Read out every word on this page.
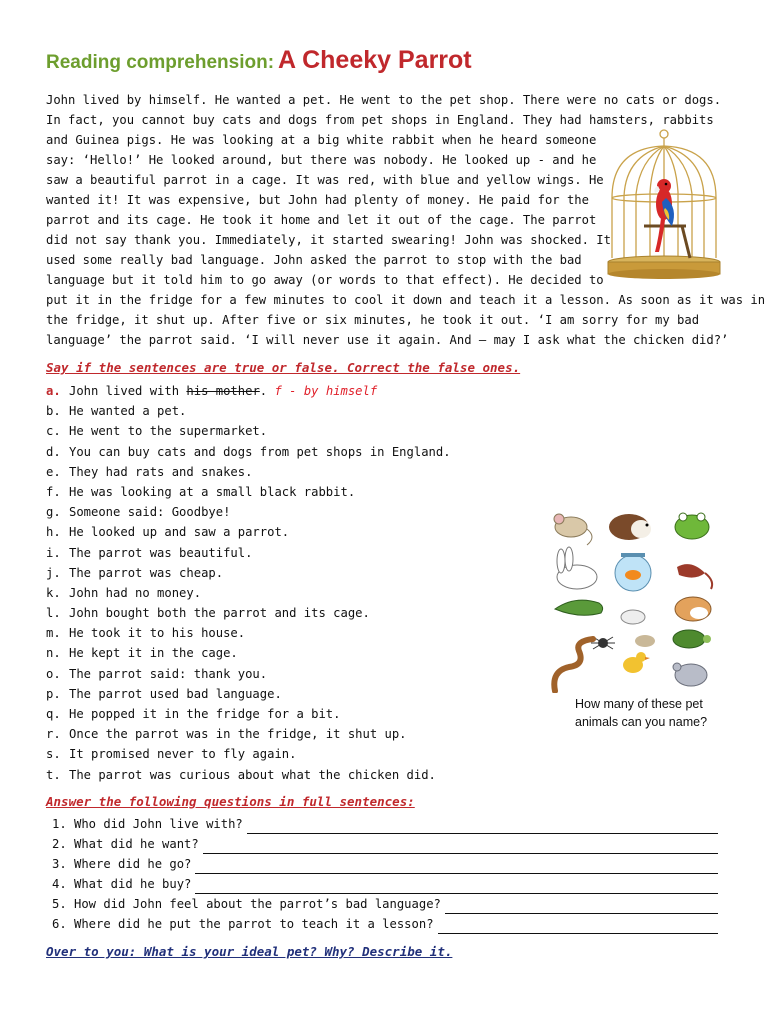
Reading comprehension: A Cheeky Parrot
John lived by himself. He wanted a pet. He went to the pet shop. There were no cats or dogs.
In fact, you cannot buy cats and dogs from pet shops in England. They had hamsters, rabbits
and Guinea pigs. He was looking at a big white rabbit when he heard someone
say: ‘Hello!’ He looked around, but there was nobody. He looked up - and he
saw a beautiful parrot in a cage. It was red, with blue and yellow wings. He
wanted it! It was expensive, but John had plenty of money. He paid for the
parrot and its cage. He took it home and let it out of the cage. The parrot
did not say thank you. Immediately, it started swearing! John was shocked. It
used some really bad language. John asked the parrot to stop with the bad
language but it told him to go away (or words to that effect). He decided to
put it in the fridge for a few minutes to cool it down and teach it a lesson. As soon as it was in
the fridge, it shut up. After five or six minutes, he took it out. ‘I am sorry for my bad
language’ the parrot said. ‘I will never use it again. And – may I ask what the chicken did?’
Say if the sentences are true or false. Correct the false ones.
a. John lived with his mother. f - by himself
b. He wanted a pet.
c. He went to the supermarket.
d. You can buy cats and dogs from pet shops in England.
e. They had rats and snakes.
f. He was looking at a small black rabbit.
g. Someone said: Goodbye!
h. He looked up and saw a parrot.
i. The parrot was beautiful.
j. The parrot was cheap.
k. John had no money.
l. John bought both the parrot and its cage.
m. He took it to his house.
n. He kept it in the cage.
o. The parrot said: thank you.
p. The parrot used bad language.
q. He popped it in the fridge for a bit.
r. Once the parrot was in the fridge, it shut up.
s. It promised never to fly again.
t. The parrot was curious about what the chicken did.
How many of these pet animals can you name?
Answer the following questions in full sentences:
1. Who did John live with?
2. What did he want?
3. Where did he go?
4. What did he buy?
5. How did John feel about the parrot’s bad language?
6. Where did he put the parrot to teach it a lesson?
Over to you: What is your ideal pet? Why? Describe it.
